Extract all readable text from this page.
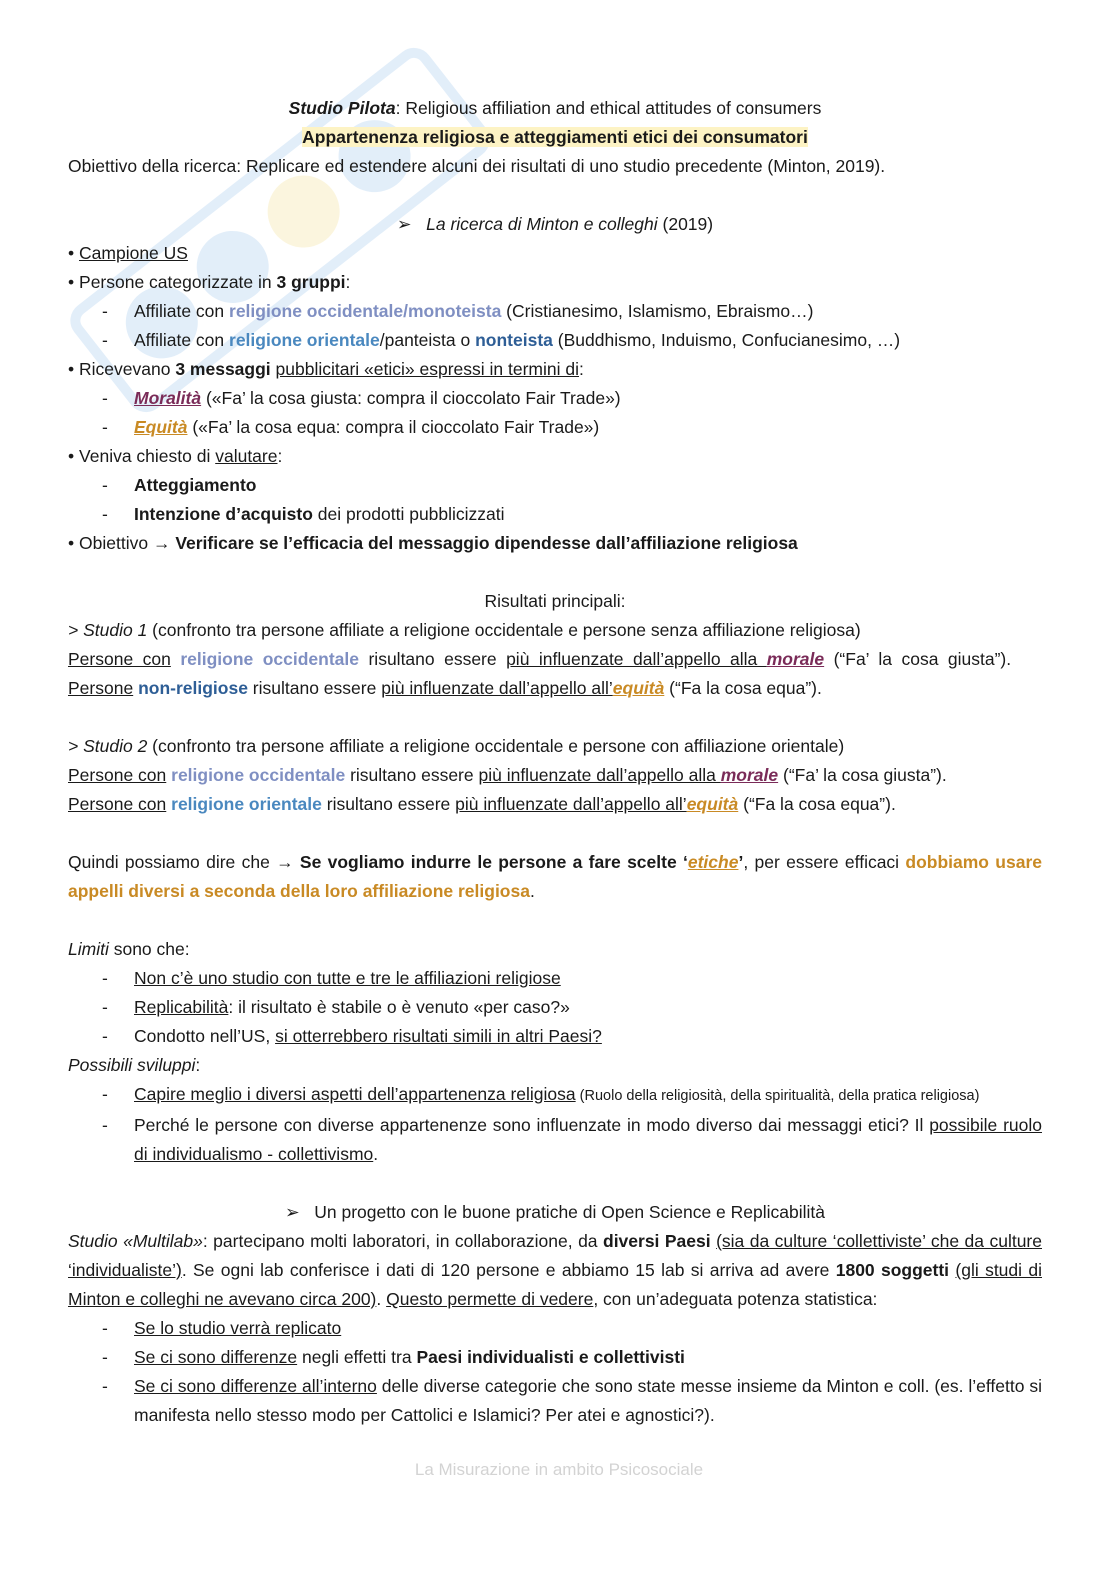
Studio Pilota: Religious affiliation and ethical attitudes of consumers
Appartenenza religiosa e atteggiamenti etici dei consumatori
Obiettivo della ricerca: Replicare ed estendere alcuni dei risultati di uno studio precedente (Minton, 2019).
➢ La ricerca di Minton e colleghi (2019)
• Campione US
• Persone categorizzate in 3 gruppi:
- Affiliate con religione occidentale/monoteista (Cristianesimo, Islamismo, Ebraismo…)
- Affiliate con religione orientale/panteista o nonteista (Buddhismo, Induismo, Confucianesimo, …)
• Ricevevano 3 messaggi pubblicitari «etici» espressi in termini di:
- Moralità («Fa’ la cosa giusta: compra il cioccolato Fair Trade»)
- Equità («Fa’ la cosa equa: compra il cioccolato Fair Trade»)
• Veniva chiesto di valutare:
- Atteggiamento
- Intenzione d’acquisto dei prodotti pubblicizzati
• Obiettivo → Verificare se l’efficacia del messaggio dipendesse dall’affiliazione religiosa
Risultati principali:
> Studio 1 (confronto tra persone affiliate a religione occidentale e persone senza affiliazione religiosa)
Persone con religione occidentale risultano essere più influenzate dall’appello alla morale (“Fa’ la cosa giusta”).
Persone non-religiose risultano essere più influenzate dall’appello all’equità (“Fa la cosa equa”).
> Studio 2 (confronto tra persone affiliate a religione occidentale e persone con affiliazione orientale)
Persone con religione occidentale risultano essere più influenzate dall’appello alla morale (“Fa’ la cosa giusta”).
Persone con religione orientale risultano essere più influenzate dall’appello all’equità (“Fa la cosa equa”).
Quindi possiamo dire che → Se vogliamo indurre le persone a fare scelte ‘etiche’, per essere efficaci dobbiamo usare appelli diversi a seconda della loro affiliazione religiosa.
Limiti sono che:
- Non c’è uno studio con tutte e tre le affiliazioni religiose
- Replicabilità: il risultato è stabile o è venuto «per caso?»
- Condotto nell’US, si otterrebbero risultati simili in altri Paesi?
Possibili sviluppi:
- Capire meglio i diversi aspetti dell’appartenenza religiosa (Ruolo della religiosità, della spiritualità, della pratica religiosa)
- Perché le persone con diverse appartenenze sono influenzate in modo diverso dai messaggi etici? Il possibile ruolo di individualismo - collettivismo.
➢ Un progetto con le buone pratiche di Open Science e Replicabilità
Studio «Multilab»: partecipano molti laboratori, in collaborazione, da diversi Paesi (sia da culture ‘collettiviste’ che da culture ‘individualiste’). Se ogni lab conferisce i dati di 120 persone e abbiamo 15 lab si arriva ad avere 1800 soggetti (gli studi di Minton e colleghi ne avevano circa 200). Questo permette di vedere, con un’adeguata potenza statistica:
- Se lo studio verrà replicato
- Se ci sono differenze negli effetti tra Paesi individualisti e collettivisti
- Se ci sono differenze all’interno delle diverse categorie che sono state messe insieme da Minton e coll. (es. l’effetto si manifesta nello stesso modo per Cattolici e Islamici? Per atei e agnostici?).
La Misurazione in ambito Psicosociale
